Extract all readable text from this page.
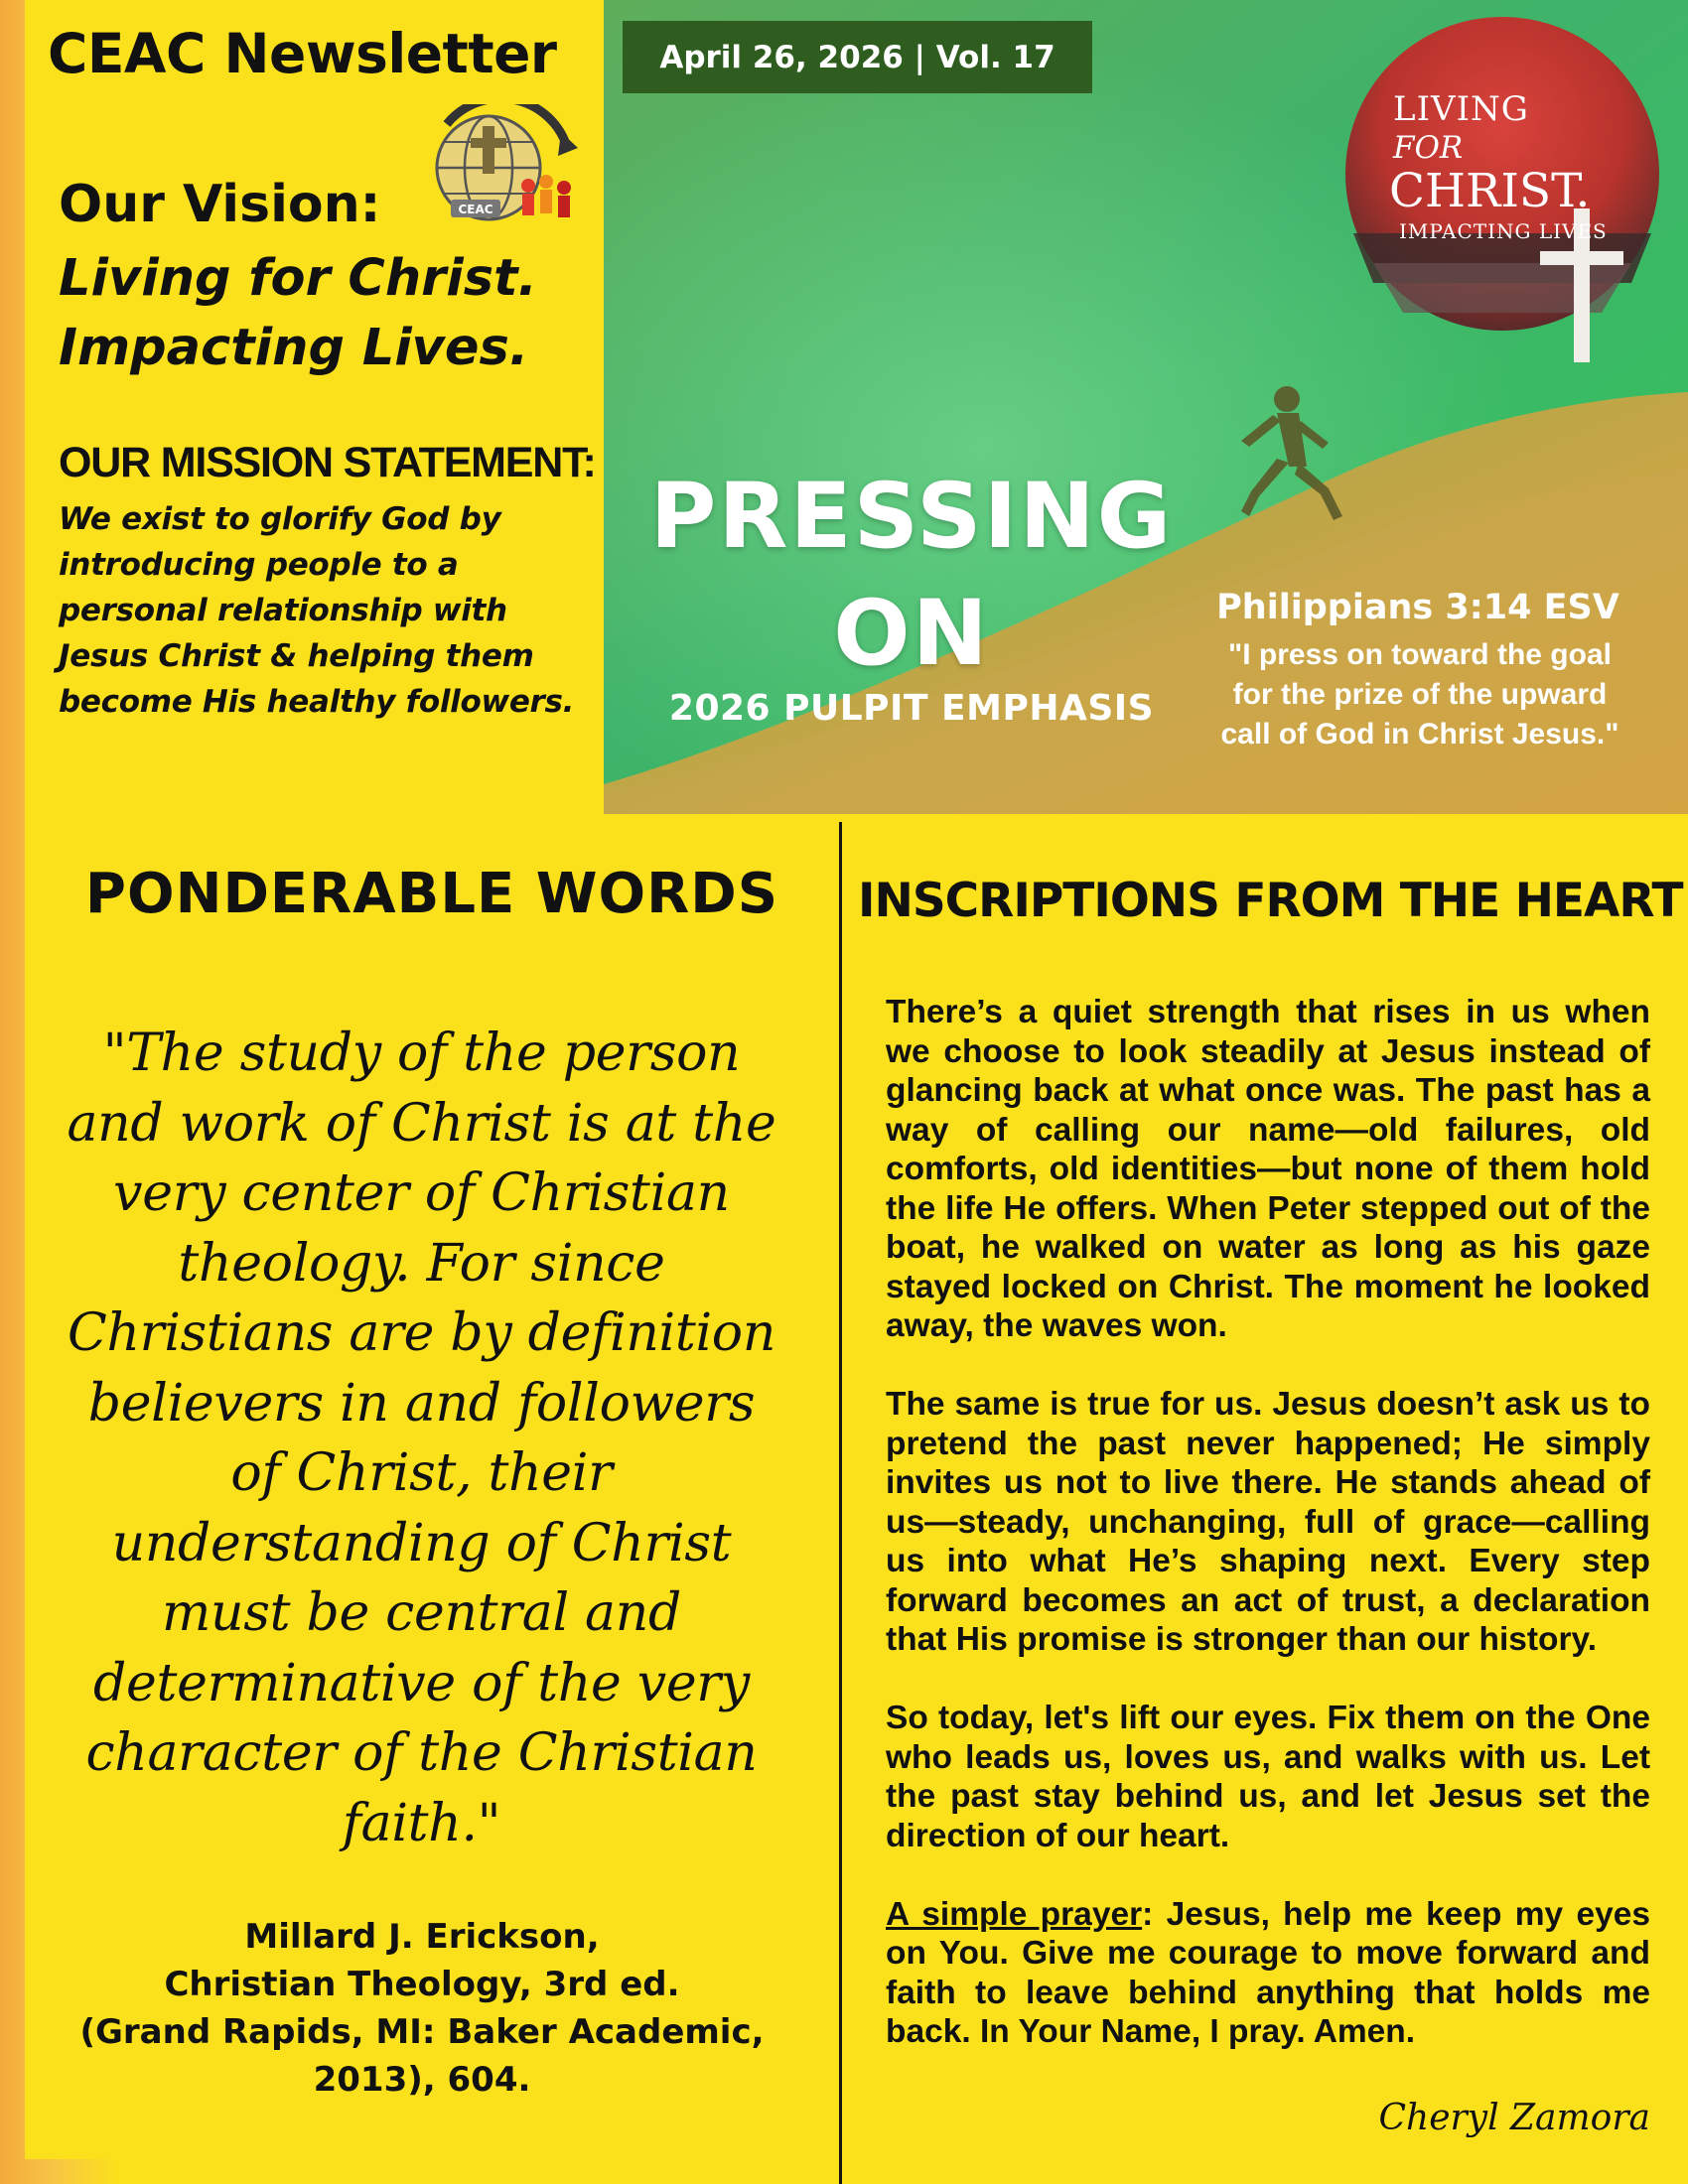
CEAC Newsletter
CEAC
Our Vision:
Living for Christ.
Impacting Lives.
OUR MISSION STATEMENT:
We exist to glorify God by introducing people to a personal relationship with Jesus Christ & helping them become His healthy followers.
April 26, 2026 | Vol. 17
LIVING
FOR
CHRIST.
IMPACTING LIVES
PRESSING
ON
2026 PULPIT EMPHASIS
Philippians 3:14 ESV
"I press on toward the goal for the prize of the upward call of God in Christ Jesus."
PONDERABLE WORDS
"The study of the person and work of Christ is at the very center of Christian theology. For since Christians are by definition believers in and followers of Christ, their understanding of Christ must be central and determinative of the very character of the Christian faith."
Millard J. Erickson,
Christian Theology, 3rd ed.
(Grand Rapids, MI: Baker Academic,
2013), 604.
INSCRIPTIONS FROM THE HEART

There’s a quiet strength that rises in us when we choose to look steadily at Jesus instead of glancing back at what once was. The past has a way of calling our name—old failures, old comforts, old identities—but none of them hold the life He offers. When Peter stepped out of the boat, he walked on water as long as his gaze stayed locked on Christ. The moment he looked away, the waves won.

The same is true for us. Jesus doesn’t ask us to pretend the past never happened; He simply invites us not to live there. He stands ahead of us—steady, unchanging, full of grace—calling us into what He’s shaping next. Every step forward becomes an act of trust, a declaration that His promise is stronger than our history.

So today, let's lift our eyes. Fix them on the One who leads us, loves us, and walks with us. Let the past stay behind us, and let Jesus set the direction of our heart.

A simple prayer: Jesus, help me keep my eyes on You. Give me courage to move forward and faith to leave behind anything that holds me back. In Your Name, I pray. Amen.

Cheryl Zamora
